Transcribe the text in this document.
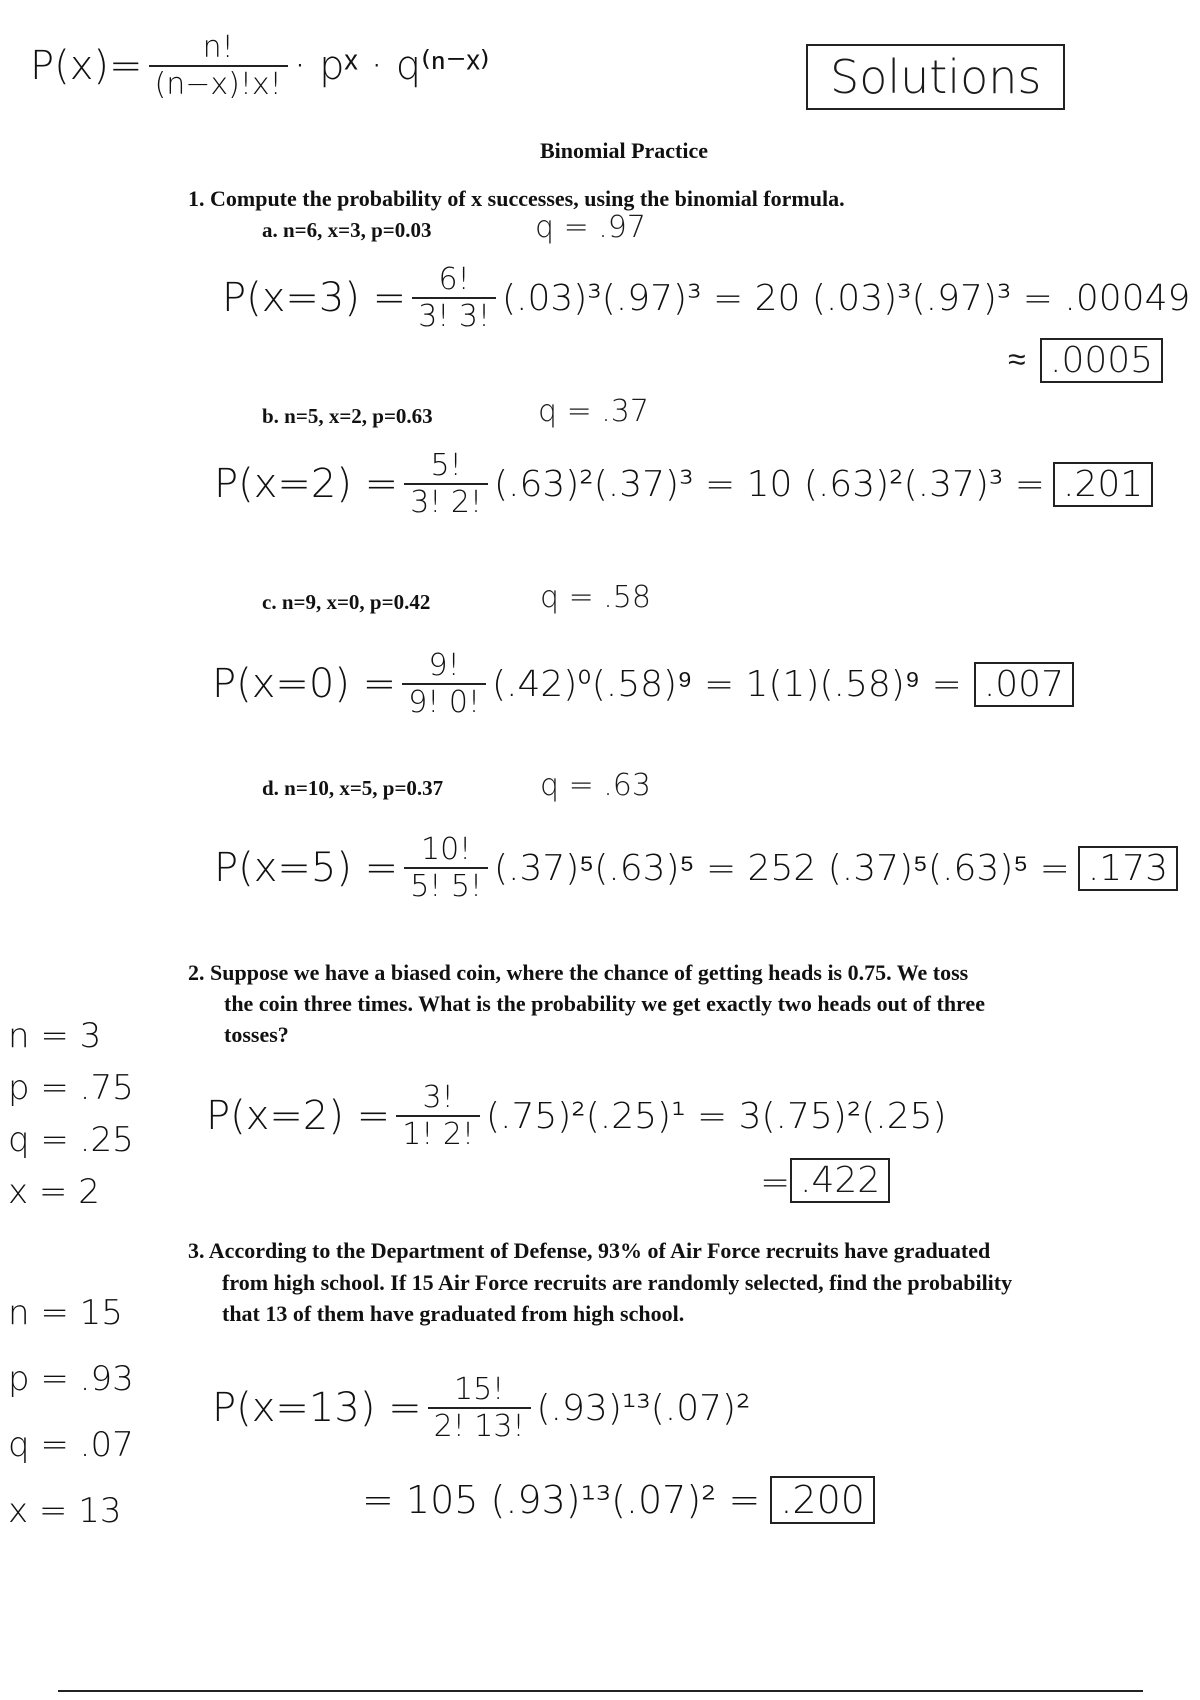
$P(x)= \frac{n!}{(n-x)!x!}$ · pˣ · q⁽ⁿ⁻ˣ⁾	Solutions
Binomial Practice
1. Compute the probability of x successes, using the binomial formula.
a. n=6, x=3, p=0.03	q = .97
$P(x=3) = \frac{6!}{3! 3!} (.03)^3(.97)^3 = 20$ (.03)³(.97)³ = .00049
≈ .0005
b. n=5, x=2, p=0.63	q = .37
$P(x=2) = \frac{5!}{3! 2!} (.63)^2(.37)^3 = 10$ (.63)²(.37)³ = .201
c. n=9, x=0, p=0.42	q = .58
$P(x=0) = \frac{9!}{9! 0!} (.42)^0(.58)^9 = 1(1)(.58)^9 = .007$
d. n=10, x=5, p=0.37	q = .63
$P(x=5) = \frac{10!}{5! 5!} (.37)^5(.63)^5 = 252$ (.37)⁵(.63)⁵ = .173
2. Suppose we have a biased coin, where the chance of getting heads is 0.75. We toss
the coin three times. What is the probability we get exactly two heads out of three
tosses?
n = 3
p = .75
q = .25
x = 2
$P(x=2) = \frac{3!}{1! 2!} (.75)^2(.25)^1 = 3(.75)^2(.25)$
= .422
3. According to the Department of Defense, 93% of Air Force recruits have graduated
from high school. If 15 Air Force recruits are randomly selected, find the probability
that 13 of them have graduated from high school.
n = 15
p = .93
q = .07
x = 13
$P(x=13) = \frac{15!}{2! 13!} (.93)^{13}(.07)^2$
= 105 (.93)¹³(.07)² = .200
